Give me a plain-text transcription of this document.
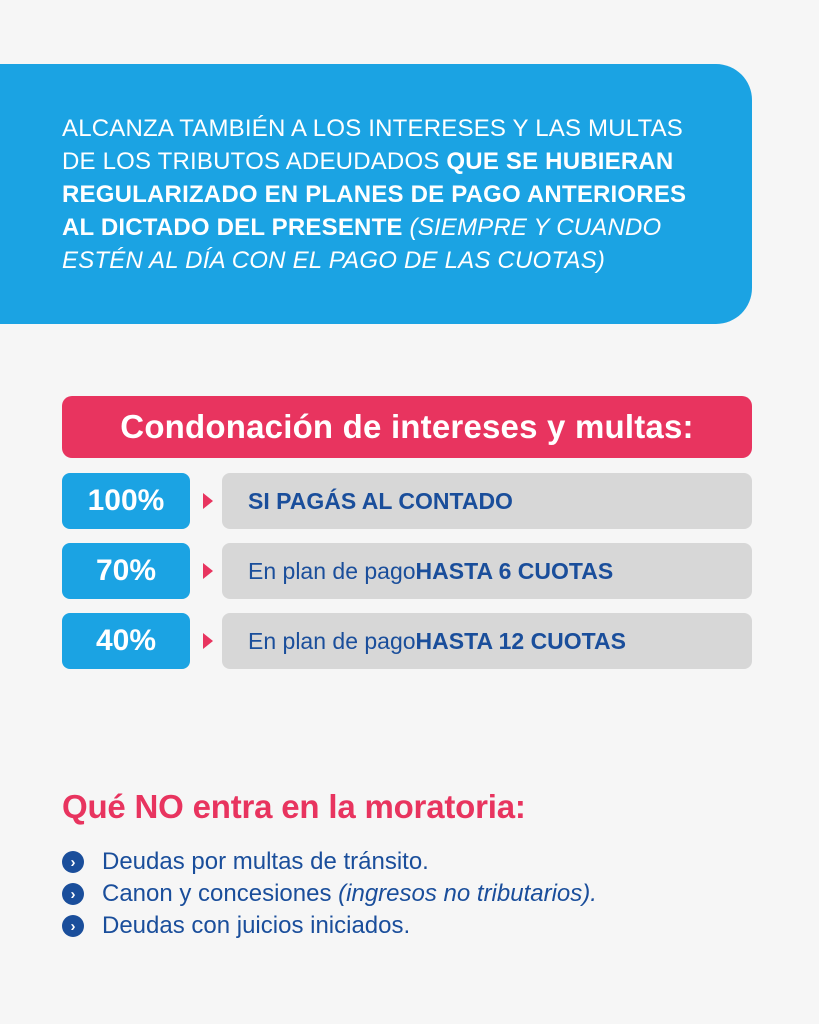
ALCANZA TAMBIÉN A LOS INTERESES Y LAS MULTAS DE LOS TRIBUTOS ADEUDADOS QUE SE HUBIERAN REGULARIZADO EN PLANES DE PAGO ANTERIORES AL DICTADO DEL PRESENTE (SIEMPRE Y CUANDO ESTÉN AL DÍA CON EL PAGO DE LAS CUOTAS)
Condonación de intereses y multas:
100%	SI PAGÁS AL CONTADO
70%	En plan de pago HASTA 6 CUOTAS
40%	En plan de pago HASTA 12 CUOTAS
Qué NO entra en la moratoria:
›	Deudas por multas de tránsito.
›	Canon y concesiones
(ingresos no tributarios).
›	Deudas con juicios iniciados.
